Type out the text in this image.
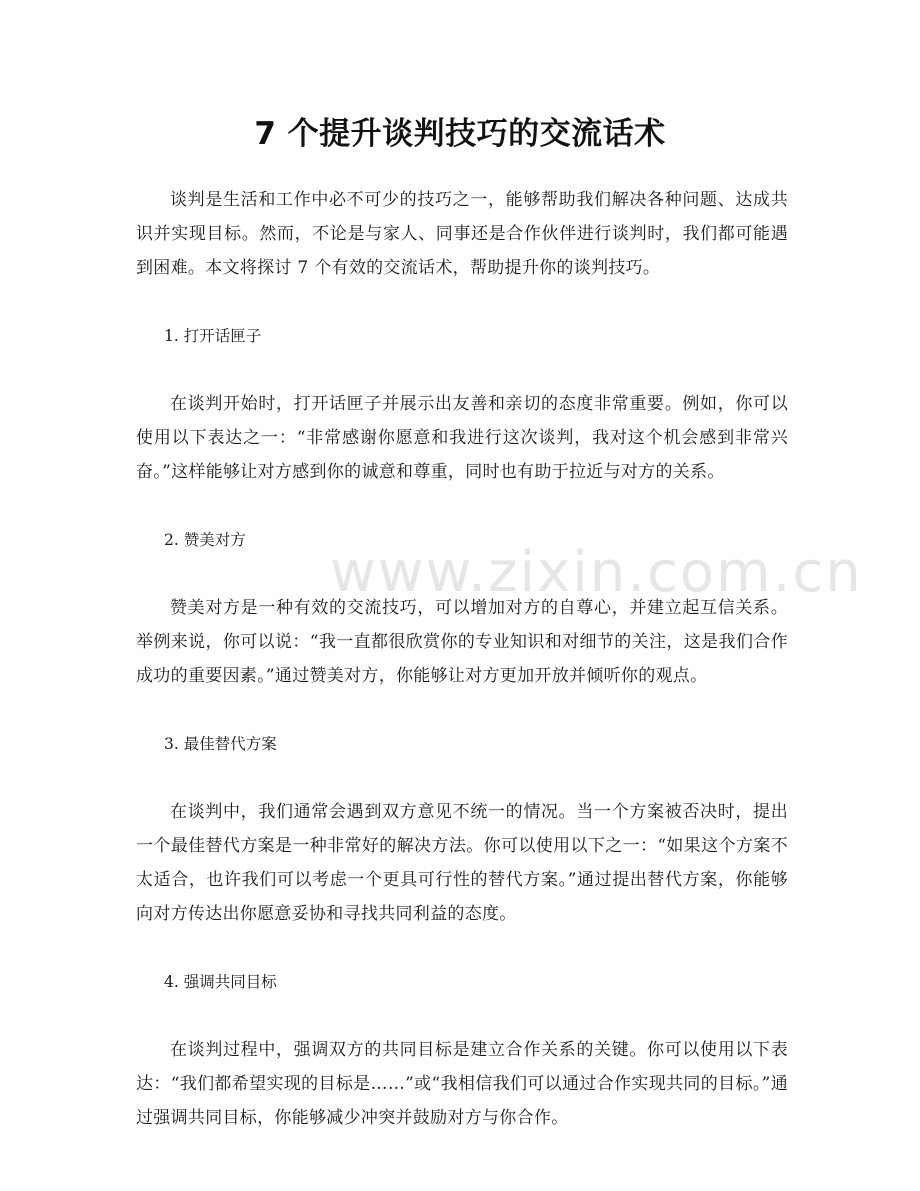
www.zixin.com.cn
7 个提升谈判技巧的交流话术

谈判是生活和工作中必不可少的技巧之一，能够帮助我们解决各种问题、达成共识并实现目标。然而，不论是与家人、同事还是合作伙伴进行谈判时，我们都可能遇到困难。本文将探讨 7 个有效的交流话术，帮助提升你的谈判技巧。

1. 打开话匣子

在谈判开始时，打开话匣子并展示出友善和亲切的态度非常重要。例如，你可以使用以下表达之一：“非常感谢你愿意和我进行这次谈判，我对这个机会感到非常兴奋。”这样能够让对方感到你的诚意和尊重，同时也有助于拉近与对方的关系。

2. 赞美对方

赞美对方是一种有效的交流技巧，可以增加对方的自尊心，并建立起互信关系。举例来说，你可以说：“我一直都很欣赏你的专业知识和对细节的关注，这是我们合作成功的重要因素。”通过赞美对方，你能够让对方更加开放并倾听你的观点。

3. 最佳替代方案

在谈判中，我们通常会遇到双方意见不统一的情况。当一个方案被否决时，提出一个最佳替代方案是一种非常好的解决方法。你可以使用以下之一：“如果这个方案不太适合，也许我们可以考虑一个更具可行性的替代方案。”通过提出替代方案，你能够向对方传达出你愿意妥协和寻找共同利益的态度。

4. 强调共同目标

在谈判过程中，强调双方的共同目标是建立合作关系的关键。你可以使用以下表达：“我们都希望实现的目标是……”或“我相信我们可以通过合作实现共同的目标。”通过强调共同目标，你能够减少冲突并鼓励对方与你合作。
